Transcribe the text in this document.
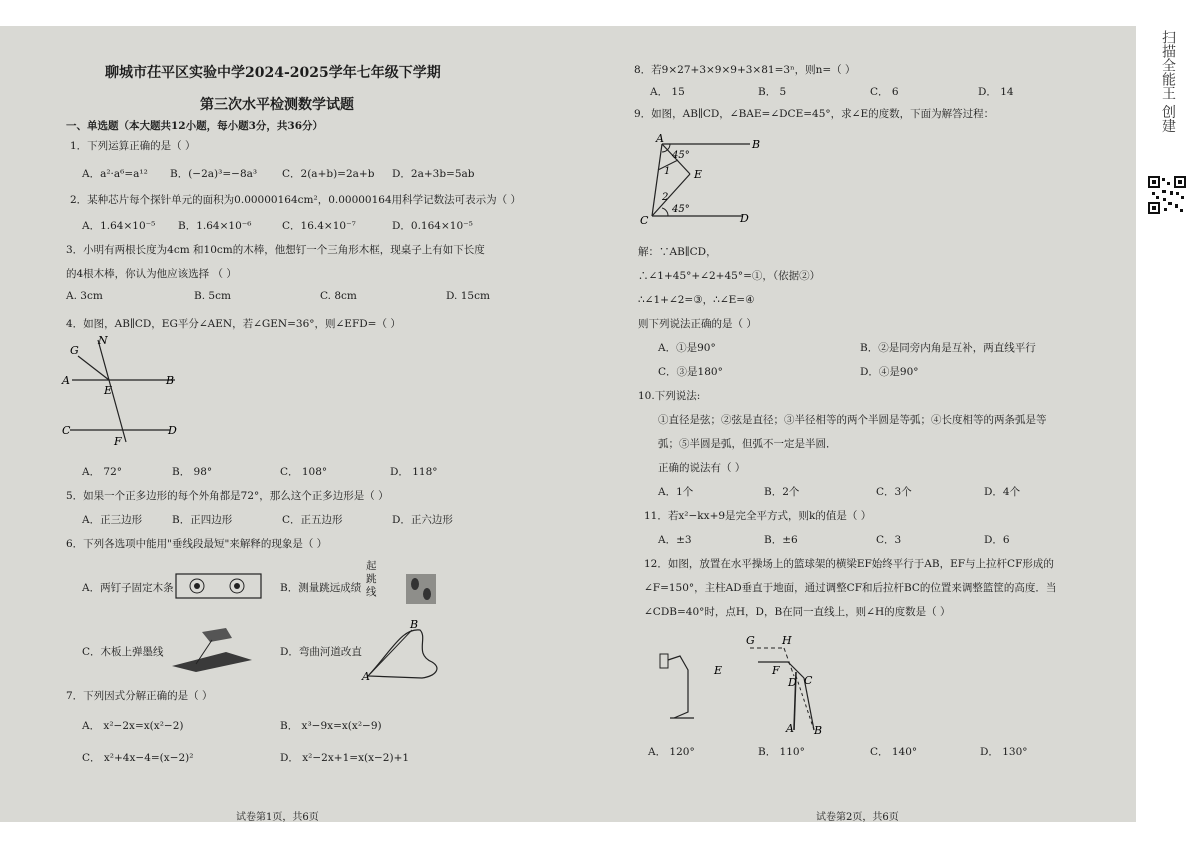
扫描全能王 创建
聊城市茌平区实验中学2024-2025学年七年级下学期
第三次水平检测数学试题
一、单选题（本大题共12小题，每小题3分，共36分）
1．下列运算正确的是（ ）
A．a²·a⁶=a¹² B．(−2a)³=−8a³ C．2(a+b)=2a+b D．2a+3b=5ab
2．某种芯片每个探针单元的面积为0.00000164cm²，0.00000164用科学记数法可表示为（ ）
A．1.64×10⁻⁵ B．1.64×10⁻⁶	C．16.4×10⁻⁷	D．0.164×10⁻⁵
3．小明有两根长度为4cm 和10cm的木棒，他想钉一个三角形木框，现桌子上有如下长度
的4根木棒，你认为他应该选择 （ ）
A. 3cm	B. 5cm	C. 8cm	D. 15cm
4．如图，AB∥CD，EG平分∠AEN，若∠GEN=36°，则∠EFD=（ ）
G
N
A	B
E
C	D
F
A． 72°	B． 98°	C． 108°	D． 118°
5．如果一个正多边形的每个外角都是72°，那么这个正多边形是（ ）
A．正三边形	B．正四边形	C．正五边形	D．正六边形
6．下列各选项中能用"垂线段最短"来解释的现象是（ ）
A．两钉子固定木条	B．测量跳远成绩
起跳线
C．木板上弹墨线	D．弯曲河道改直
A
B
7．下列因式分解正确的是（ ）
A． x²−2x=x(x²−2)	B． x³−9x=x(x²−9)
C． x²+4x−4=(x−2)²	D． x²−2x+1=x(x−2)+1
试卷第1页，共6页
8．若9×27+3×9×9+3×81=3ⁿ，则n=（ ）
A． 15	B． 5	C． 6	D． 14
9．如图，AB∥CD，∠BAE=∠DCE=45°，求∠E的度数，下面为解答过程：
A	B
C	D
E
45°
45°
1
2
解：∵AB∥CD，
∴∠1+45°+∠2+45°=①，（依据②）
∴∠1+∠2=③，∴∠E=④
则下列说法正确的是（ ）
A．①是90°	B．②是同旁内角是互补，两直线平行
C．③是180°	D．④是90°
10.下列说法:
①直径是弦；②弦是直径；③半径相等的两个半圆是等弧；④长度相等的两条弧是等
弧；⑤半圆是弧，但弧不一定是半圆．
正确的说法有（ ）
A．1个	B．2个	C．3个	D．4个
11．若x²−kx+9是完全平方式，则k的值是（ ）
A．±3	B．±6	C．3	D．6
12．如图，放置在水平操场上的篮球架的横梁EF始终平行于AB，EF与上拉杆CF形成的
∠F=150°，主柱AD垂直于地面，通过调整CF和后拉杆BC的位置来调整篮筐的高度．当
∠CDB=40°时，点H，D，B在同一直线上，则∠H的度数是（ ）
G H
E	F
D C
A B
A． 120°	B． 110°	C． 140°	D． 130°
试卷第2页，共6页
